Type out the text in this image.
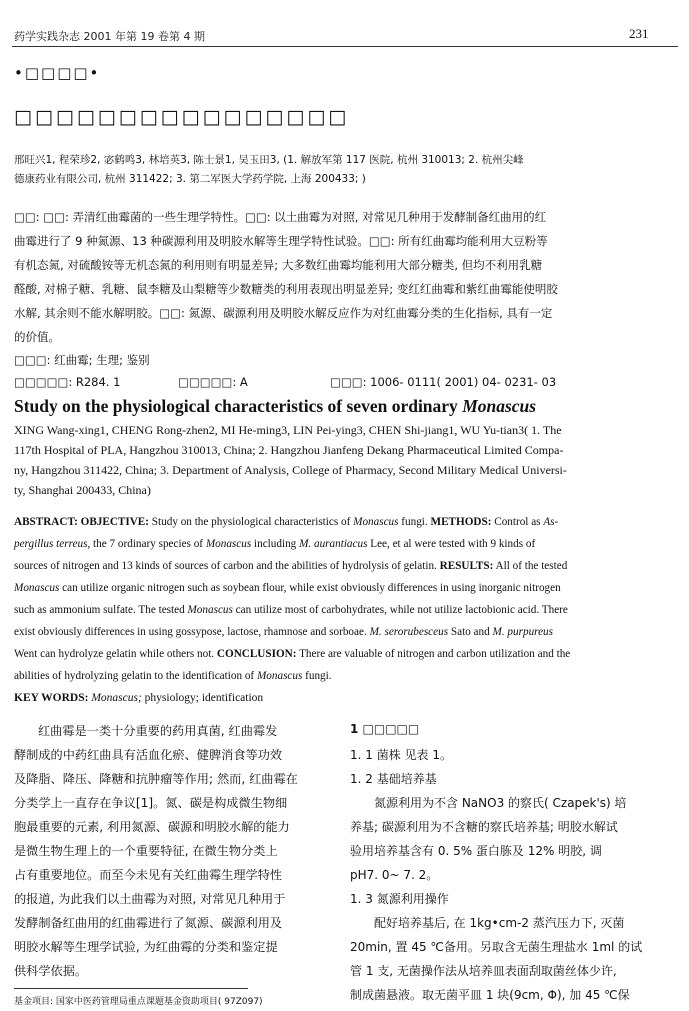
药学实践杂志 2001 年第 19 卷第 4 期	231
•□□□□•
□□□□□□□□□□□□□□□□
邢旺兴1, 程荣珍2, 宓鹤鸣3, 林培英3, 陈士景1, 吴玉田3, (1. 解放军第 117 医院, 杭州 310013; 2. 杭州尖峰
德康药业有限公司, 杭州 311422; 3. 第二军医大学药学院, 上海 200433; )
□□: □□: 弄清红曲霉菌的一些生理学特性。□□: 以土曲霉为对照, 对常见几种用于发酵制备红曲用的红
曲霉进行了 9 种氮源、13 种碳源利用及明胶水解等生理学特性试验。□□: 所有红曲霉均能利用大豆粉等
有机态氮, 对硫酸铵等无机态氮的利用则有明显差异; 大多数红曲霉均能利用大部分糖类, 但均不利用乳糖
醛酸, 对棉子糖、乳糖、鼠李糖及山梨糖等少数糖类的利用表现出明显差异; 变红红曲霉和紫红曲霉能使明胶
水解, 其余则不能水解明胶。□□: 氮源、碳源利用及明胶水解反应作为对红曲霉分类的生化指标, 具有一定
的价值。
□□□: 红曲霉; 生理; 鉴别
□□□□□: R284. 1	□□□□□: A	□□□: 1006- 0111( 2001) 04- 0231- 03
Study on the physiological characteristics of seven ordinary Monascus
XING Wang-xing1, CHENG Rong-zhen2, MI He-ming3, LIN Pei-ying3, CHEN Shi-jiang1, WU Yu-tian3( 1. The
117th Hospital of PLA, Hangzhou 310013, China; 2. Hangzhou Jianfeng Dekang Pharmaceutical Limited Compa-
ny, Hangzhou 311422, China; 3. Department of Analysis, College of Pharmacy, Second Military Medical Universi-
ty, Shanghai 200433, China)
ABSTRACT: OBJECTIVE: Study on the physiological characteristics of Monascus fungi. METHODS: Control as As-
pergillus terreus, the 7 ordinary species of Monascus including M. aurantiacus Lee, et al were tested with 9 kinds of
sources of nitrogen and 13 kinds of sources of carbon and the abilities of hydrolysis of gelatin. RESULTS: All of the tested
Monascus can utilize organic nitrogen such as soybean flour, while exist obviously differences in using inorganic nitrogen
such as ammonium sulfate. The tested Monascus can utilize most of carbohydrates, while not utilize lactobionic acid. There
exist obviously differences in using gossypose, lactose, rhamnose and sorboae. M. serorubesceus Sato and M. purpureus
Went can hydrolyze gelatin while others not. CONCLUSION: There are valuable of nitrogen and carbon utilization and the
abilities of hydrolyzing gelatin to the identification of Monascus fungi.
KEY WORDS: Monascus; physiology; identification
红曲霉是一类十分重要的药用真菌, 红曲霉发
酵制成的中药红曲具有活血化瘀、健脾消食等功效
及降脂、降压、降糖和抗肿瘤等作用; 然而, 红曲霉在
分类学上一直存在争议[1]。氮、碳是构成微生物细
胞最重要的元素, 利用氮源、碳源和明胶水解的能力
是微生物生理上的一个重要特征, 在微生物分类上
占有重要地位。而至今未见有关红曲霉生理学特性
的报道, 为此我们以土曲霉为对照, 对常见几种用于
发酵制备红曲用的红曲霉进行了氮源、碳源利用及
明胶水解等生理学试验, 为红曲霉的分类和鉴定提
供科学依据。
基金项目: 国家中医药管理局重点课题基金资助项目( 97Z097)
1 □□□□□
1. 1 菌株 见表 1。
1. 2 基础培养基
氮源利用为不含 NaNO3 的察氏( Czapek's) 培
养基; 碳源利用为不含糖的察氏培养基; 明胶水解试
验用培养基含有 0. 5% 蛋白胨及 12% 明胶, 调
pH7. 0~ 7. 2。
1. 3 氮源利用操作
配好培养基后, 在 1kg•cm-2 蒸汽压力下, 灭菌
20min, 置 45 ℃备用。另取含无菌生理盐水 1ml 的试
管 1 支, 无菌操作法从培养皿表面刮取菌丝体少许,
制成菌悬液。取无菌平皿 1 块(9cm, Φ), 加 45 ℃保
